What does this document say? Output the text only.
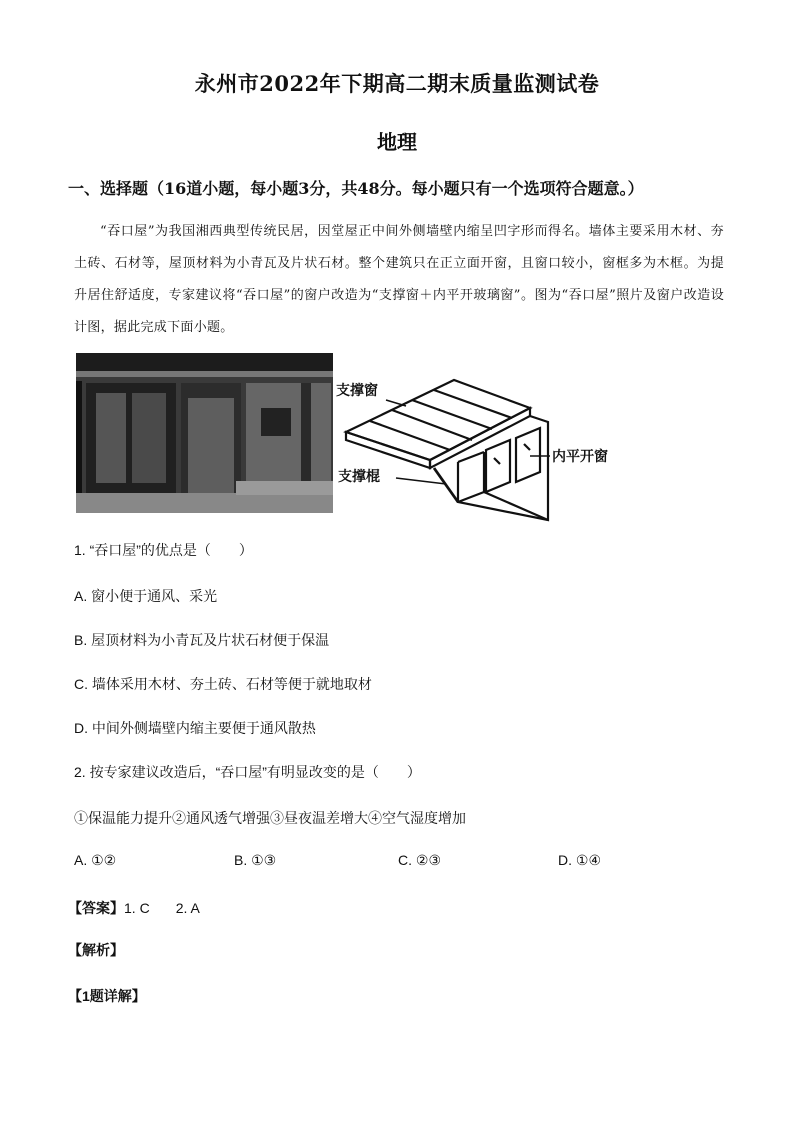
永州市2022年下期高二期末质量监测试卷
地理
一、选择题（16道小题，每小题3分，共48分。每小题只有一个选项符合题意。）
“吞口屋”为我国湘西典型传统民居，因堂屋正中间外侧墙壁内缩呈凹字形而得名。墙体主要采用木材、夯土砖、石材等，屋顶材料为小青瓦及片状石材。整个建筑只在正立面开窗，且窗口较小，窗框多为木框。为提升居住舒适度，专家建议将“吞口屋”的窗户改造为“支撑窗＋内平开玻璃窗”。图为“吞口屋”照片及窗户改造设计图，据此完成下面小题。
支撑窗
支撑棍
内平开窗
1. “吞口屋”的优点是（　　）
A. 窗小便于通风、采光
B. 屋顶材料为小青瓦及片状石材便于保温
C. 墙体采用木材、夯土砖、石材等便于就地取材
D. 中间外侧墙壁内缩主要便于通风散热
2. 按专家建议改造后，“吞口屋”有明显改变的是（　　）
①保温能力提升②通风透气增强③昼夜温差增大④空气湿度增加
A. ①②	B. ①③	C. ②③	D. ①④
【答案】1. C 2. A
【解析】
【1题详解】
